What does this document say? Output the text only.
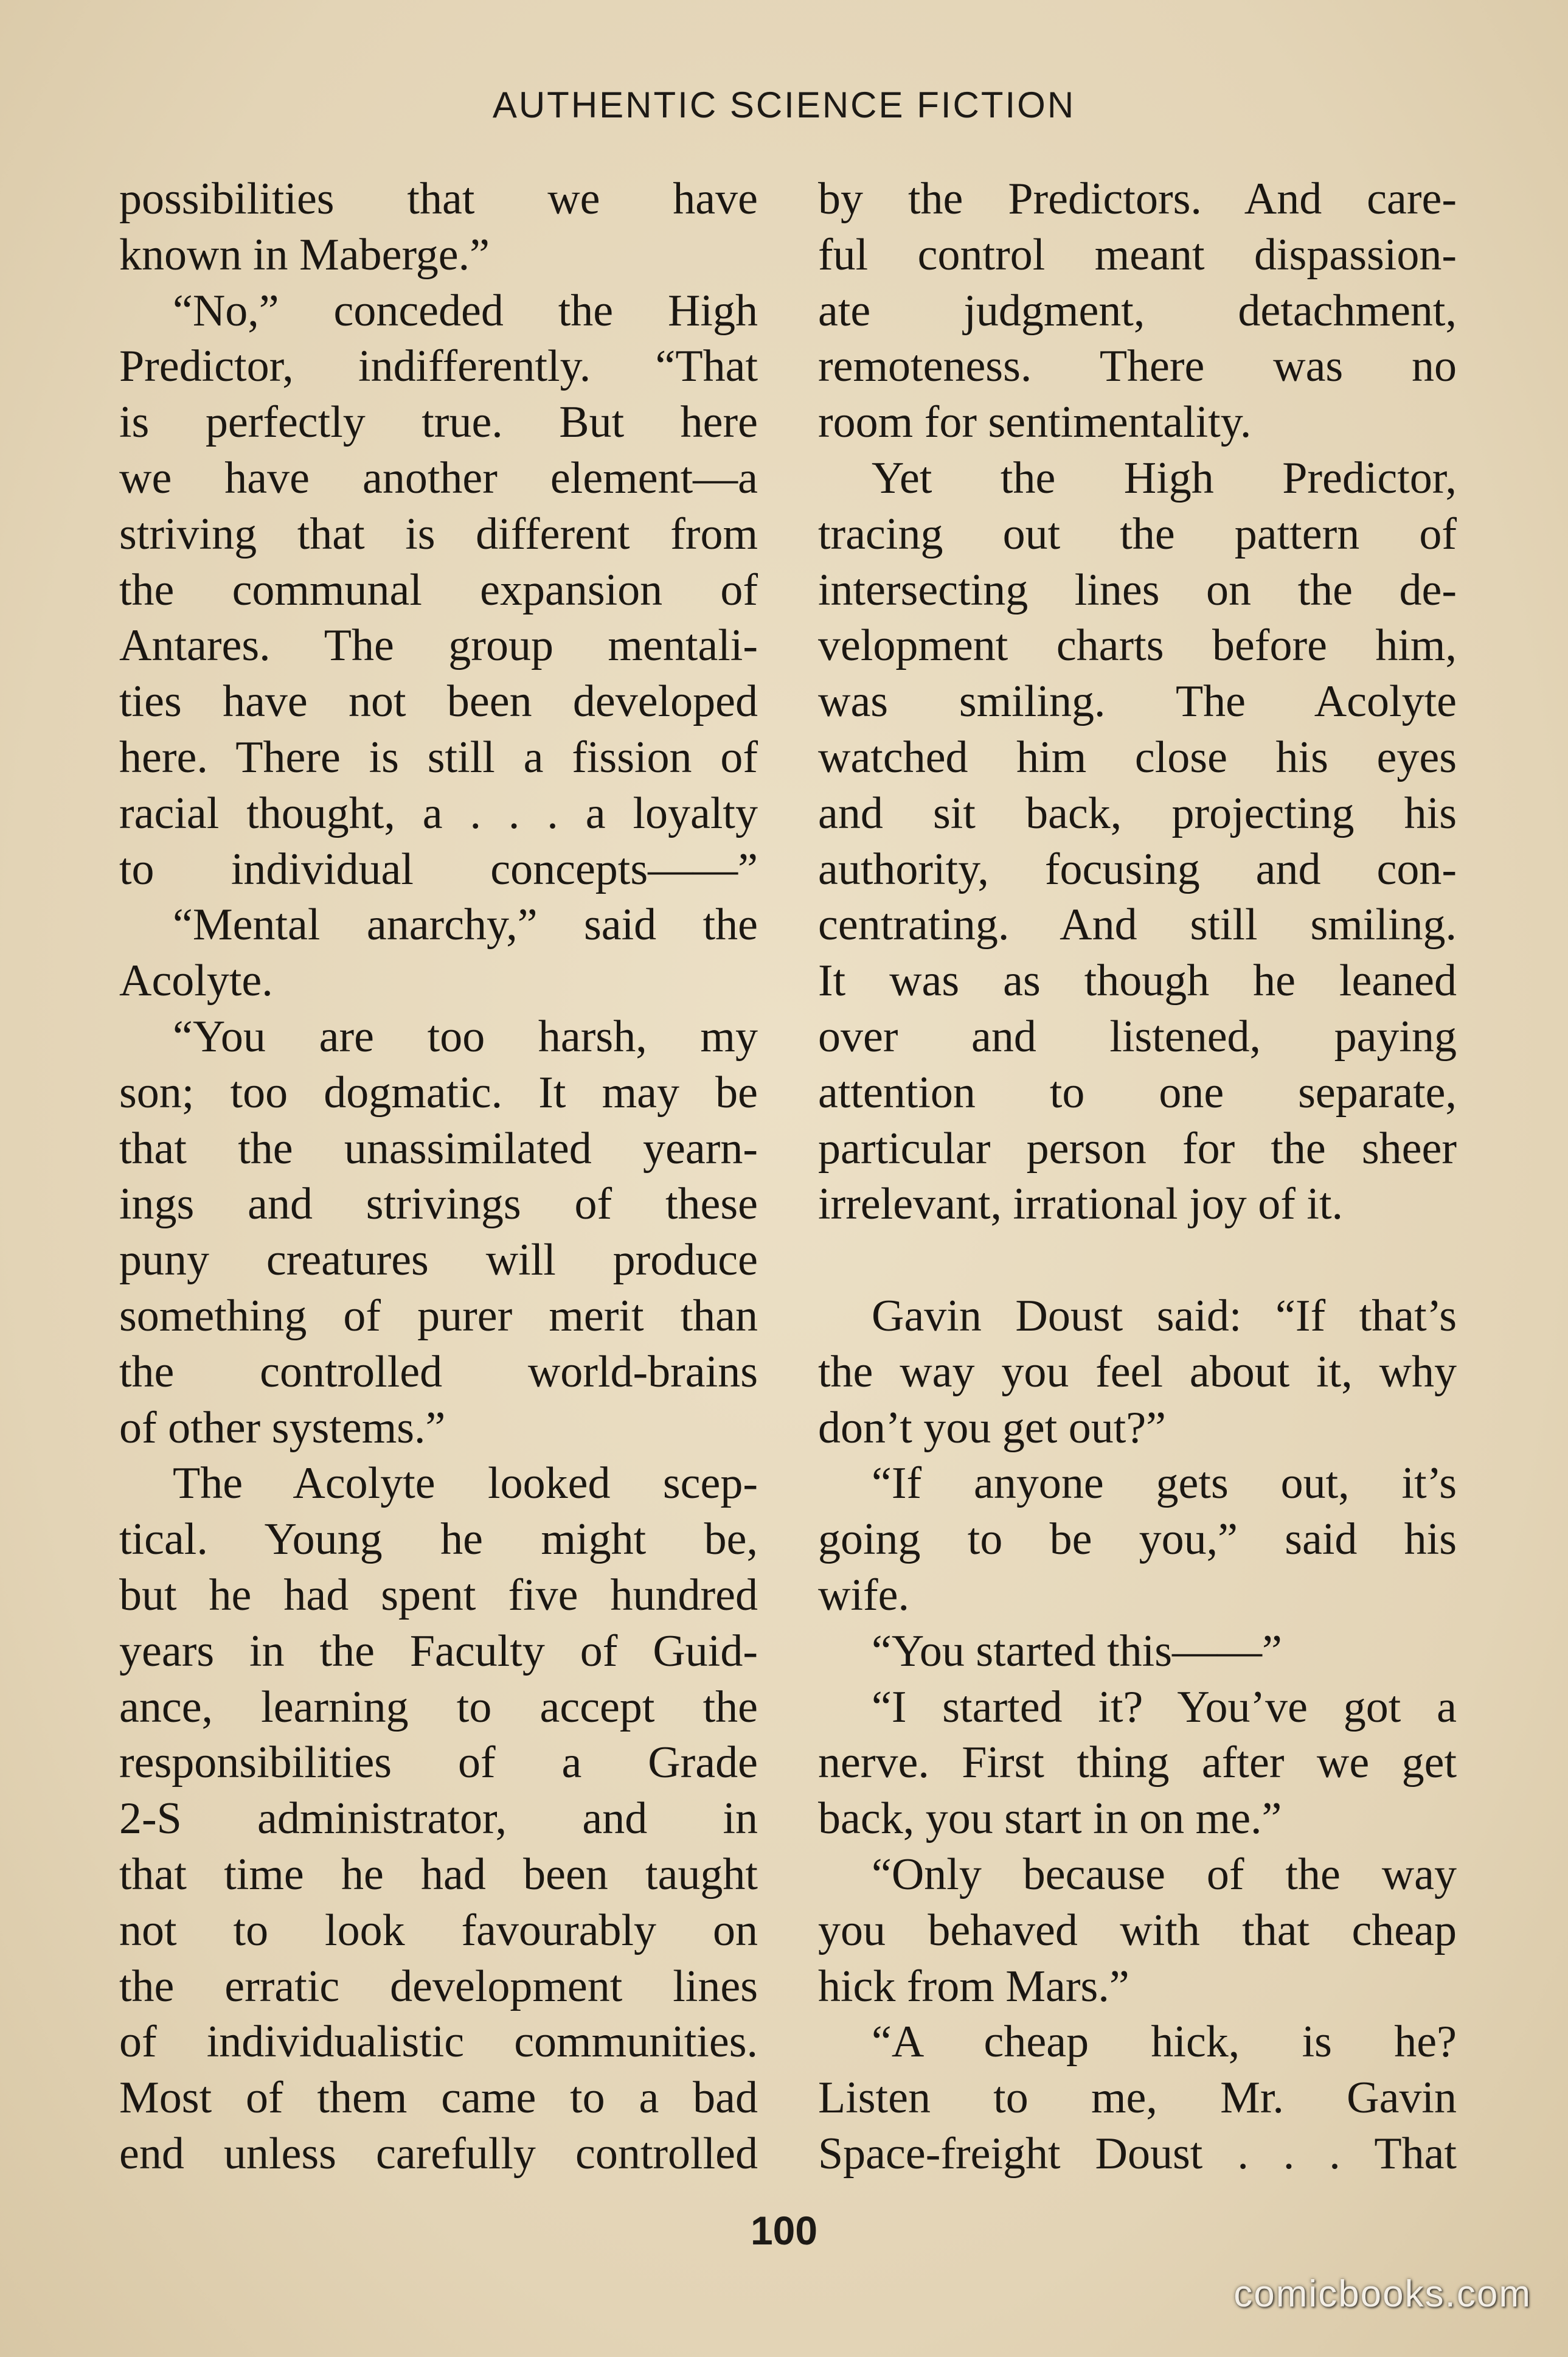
AUTHENTIC SCIENCE FICTION
possibilities that we have
known in Maberge.”
“No,” conceded the High
Predictor, indifferently. “That
is perfectly true. But here
we have another element—a
striving that is different from
the communal expansion of
Antares. The group mentali-
ties have not been developed
here. There is still a fission of
racial thought, a . . . a loyalty
to individual concepts——”
“Mental anarchy,” said the
Acolyte.
“You are too harsh, my
son; too dogmatic. It may be
that the unassimilated yearn-
ings and strivings of these
puny creatures will produce
something of purer merit than
the controlled world-brains
of other systems.”
The Acolyte looked scep-
tical. Young he might be,
but he had spent five hundred
years in the Faculty of Guid-
ance, learning to accept the
responsibilities of a Grade
2-S administrator, and in
that time he had been taught
not to look favourably on
the erratic development lines
of individualistic communities.
Most of them came to a bad
end unless carefully controlled
by the Predictors. And care-
ful control meant dispassion-
ate judgment, detachment,
remoteness. There was no
room for sentimentality.
Yet the High Predictor,
tracing out the pattern of
intersecting lines on the de-
velopment charts before him,
was smiling. The Acolyte
watched him close his eyes
and sit back, projecting his
authority, focusing and con-
centrating. And still smiling.
It was as though he leaned
over and listened, paying
attention to one separate,
particular person for the sheer
irrelevant, irrational joy of it.
Gavin Doust said: “If that’s
the way you feel about it, why
don’t you get out?”
“If anyone gets out, it’s
going to be you,” said his
wife.
“You started this——”
“I started it? You’ve got a
nerve. First thing after we get
back, you start in on me.”
“Only because of the way
you behaved with that cheap
hick from Mars.”
“A cheap hick, is he?
Listen to me, Mr. Gavin
Space-freight Doust . . . That
100
comicbooks.com
